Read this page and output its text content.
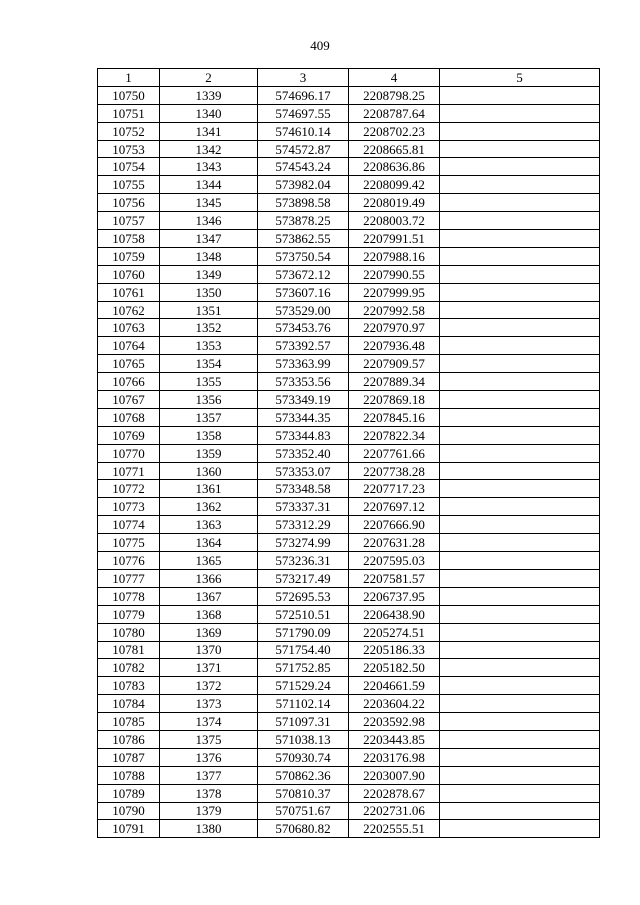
409
1	2	3	4	5
10750	1339	574696.17	2208798.25	
10751	1340	574697.55	2208787.64	
10752	1341	574610.14	2208702.23	
10753	1342	574572.87	2208665.81	
10754	1343	574543.24	2208636.86	
10755	1344	573982.04	2208099.42	
10756	1345	573898.58	2208019.49	
10757	1346	573878.25	2208003.72	
10758	1347	573862.55	2207991.51	
10759	1348	573750.54	2207988.16	
10760	1349	573672.12	2207990.55	
10761	1350	573607.16	2207999.95	
10762	1351	573529.00	2207992.58	
10763	1352	573453.76	2207970.97	
10764	1353	573392.57	2207936.48	
10765	1354	573363.99	2207909.57	
10766	1355	573353.56	2207889.34	
10767	1356	573349.19	2207869.18	
10768	1357	573344.35	2207845.16	
10769	1358	573344.83	2207822.34	
10770	1359	573352.40	2207761.66	
10771	1360	573353.07	2207738.28	
10772	1361	573348.58	2207717.23	
10773	1362	573337.31	2207697.12	
10774	1363	573312.29	2207666.90	
10775	1364	573274.99	2207631.28	
10776	1365	573236.31	2207595.03	
10777	1366	573217.49	2207581.57	
10778	1367	572695.53	2206737.95	
10779	1368	572510.51	2206438.90	
10780	1369	571790.09	2205274.51	
10781	1370	571754.40	2205186.33	
10782	1371	571752.85	2205182.50	
10783	1372	571529.24	2204661.59	
10784	1373	571102.14	2203604.22	
10785	1374	571097.31	2203592.98	
10786	1375	571038.13	2203443.85	
10787	1376	570930.74	2203176.98	
10788	1377	570862.36	2203007.90	
10789	1378	570810.37	2202878.67	
10790	1379	570751.67	2202731.06	
10791	1380	570680.82	2202555.51	
